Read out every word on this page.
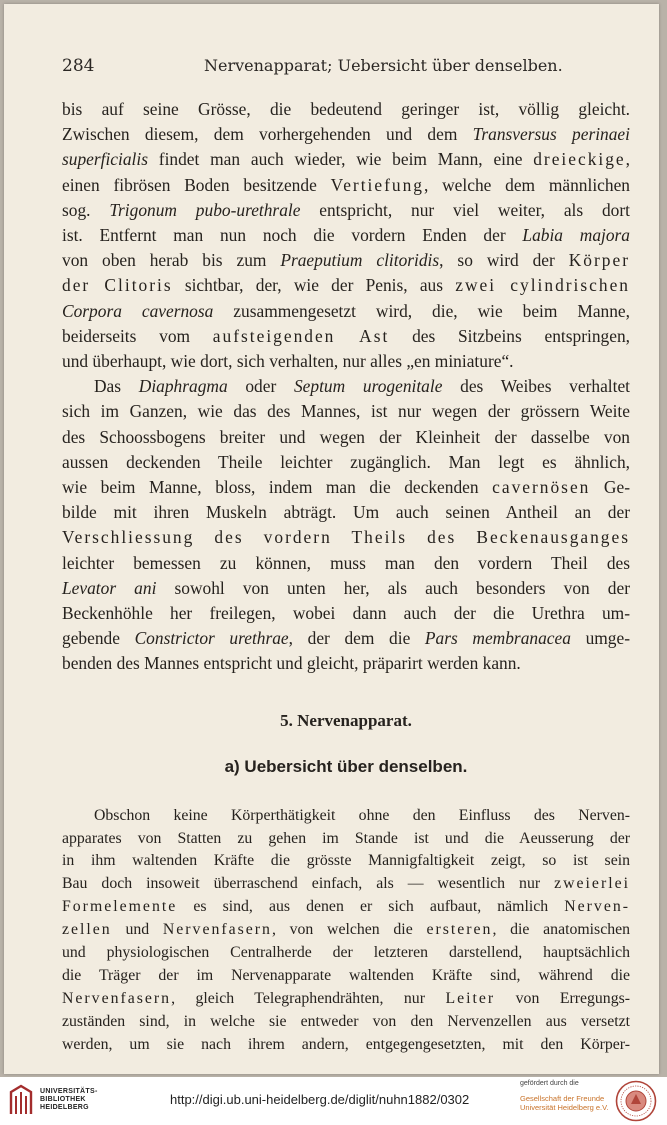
284	Nervenapparat; Uebersicht über denselben.

bis auf seine Grösse, die bedeutend geringer ist, völlig gleicht.
Zwischen diesem, dem vorhergehenden und dem Transversus perinaei
superficialis findet man auch wieder, wie beim Mann, eine dreieckige,
einen fibrösen Boden besitzende Vertiefung, welche dem männlichen
sog. Trigonum pubo-urethrale entspricht, nur viel weiter, als dort
ist. Entfernt man nun noch die vordern Enden der Labia majora
von oben herab bis zum Praeputium clitoridis, so wird der Körper
der Clitoris sichtbar, der, wie der Penis, aus zwei cylindrischen
Corpora cavernosa zusammengesetzt wird, die, wie beim Manne,
beiderseits vom aufsteigenden Ast des Sitzbeins entspringen,
und überhaupt, wie dort, sich verhalten, nur alles „en miniature“.

Das Diaphragma oder Septum urogenitale des Weibes verhaltet
sich im Ganzen, wie das des Mannes, ist nur wegen der grössern Weite
des Schoossbogens breiter und wegen der Kleinheit der dasselbe von
aussen deckenden Theile leichter zugänglich. Man legt es ähnlich,
wie beim Manne, bloss, indem man die deckenden cavernösen Ge-
bilde mit ihren Muskeln abträgt. Um auch seinen Antheil an der
Verschliessung des vordern Theils des Beckenausganges
leichter bemessen zu können, muss man den vordern Theil des
Levator ani sowohl von unten her, als auch besonders von der
Beckenhöhle her freilegen, wobei dann auch der die Urethra um-
gebende Constrictor urethrae, der dem die Pars membranacea umge-
benden des Mannes entspricht und gleicht, präparirt werden kann.

5. Nervenapparat.
a) Uebersicht über denselben.

Obschon keine Körperthätigkeit ohne den Einfluss des Nerven-
apparates von Statten zu gehen im Stande ist und die Aeusserung der
in ihm waltenden Kräfte die grösste Mannigfaltigkeit zeigt, so ist sein
Bau doch insoweit überraschend einfach, als — wesentlich nur zweierlei
Formelemente es sind, aus denen er sich aufbaut, nämlich Nerven-
zellen und Nervenfasern, von welchen die ersteren, die anatomischen
und physiologischen Centralherde der letzteren darstellend, hauptsächlich
die Träger der im Nervenapparate waltenden Kräfte sind, während die
Nervenfasern, gleich Telegraphendrähten, nur Leiter von Erregungs-
zuständen sind, in welche sie entweder von den Nervenzellen aus versetzt
werden, um sie nach ihrem andern, entgegengesetzten, mit den Körper-

UNIVERSITÄTS-
BIBLIOTHEK
HEIDELBERG
http://digi.ub.uni-heidelberg.de/diglit/nuhn1882/0302
gefördert durch die
Gesellschaft der Freunde
Universität Heidelberg e.V.
